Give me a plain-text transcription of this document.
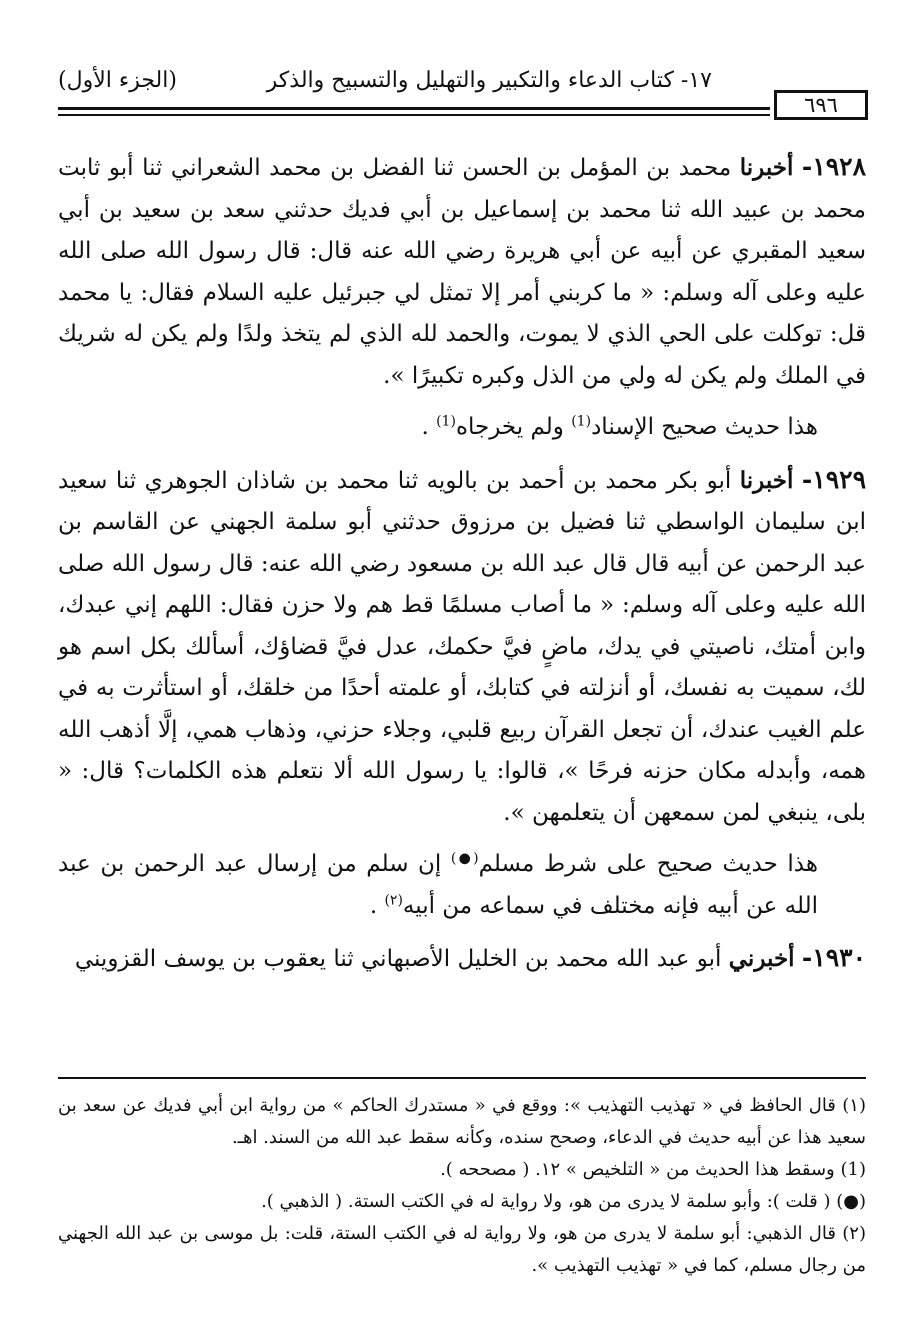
١٧- كتاب الدعاء والتكبير والتهليل والتسبيح والذكر
(الجزء الأول)
٦٩٦

١٩٢٨- أخبرنا محمد بن المؤمل بن الحسن ثنا الفضل بن محمد الشعراني ثنا أبو ثابت محمد بن عبيد الله ثنا محمد بن إسماعيل بن أبي فديك حدثني سعد بن سعيد بن أبي سعيد المقبري عن أبيه عن أبي هريرة رضي الله عنه قال: قال رسول الله صلى الله عليه وعلى آله وسلم: « ما كربني أمر إلا تمثل لي جبرئيل عليه السلام فقال: يا محمد قل: توكلت على الحي الذي لا يموت، والحمد لله الذي لم يتخذ ولدًا ولم يكن له شريك في الملك ولم يكن له ولي من الذل وكبره تكبيرًا ».

هذا حديث صحيح الإسناد$^{(1)}$ ولم يخرجاه$^{(1)}$ .

١٩٢٩- أخبرنا أبو بكر محمد بن أحمد بن بالويه ثنا محمد بن شاذان الجوهري ثنا سعيد ابن سليمان الواسطي ثنا فضيل بن مرزوق حدثني أبو سلمة الجهني عن القاسم بن عبد الرحمن عن أبيه قال قال عبد الله بن مسعود رضي الله عنه: قال رسول الله صلى الله عليه وعلى آله وسلم: « ما أصاب مسلمًا قط هم ولا حزن فقال: اللهم إني عبدك، وابن أمتك، ناصيتي في يدك، ماضٍ فيَّ حكمك، عدل فيَّ قضاؤك، أسألك بكل اسم هو لك، سميت به نفسك، أو أنزلته في كتابك، أو علمته أحدًا من خلقك، أو استأثرت به في علم الغيب عندك، أن تجعل القرآن ربيع قلبي، وجلاء حزني، وذهاب همي، إلَّا أذهب الله همه، وأبدله مكان حزنه فرحًا »، قالوا: يا رسول الله ألا نتعلم هذه الكلمات؟ قال: « بلى، ينبغي لمن سمعهن أن يتعلمهن ».

هذا حديث صحيح على شرط مسلم(●) إن سلم من إرسال عبد الرحمن بن عبد الله عن أبيه فإنه مختلف في سماعه من أبيه$^{(٢)}$ .

١٩٣٠- أخبرني أبو عبد الله محمد بن الخليل الأصبهاني ثنا يعقوب بن يوسف القزويني

(١) قال الحافظ في « تهذيب التهذيب »: ووقع في « مستدرك الحاكم » من رواية ابن أبي فديك عن سعد بن سعيد هذا عن أبيه حديث في الدعاء، وصحح سنده، وكأنه سقط عبد الله من السند. اهـ.

(1) وسقط هذا الحديث من « التلخيص » ١٢. ( مصححه ).

(●) ( قلت ): وأبو سلمة لا يدرى من هو، ولا رواية له في الكتب الستة. ( الذهبي ).

(٢) قال الذهبي: أبو سلمة لا يدرى من هو، ولا رواية له في الكتب الستة، قلت: بل موسى بن عبد الله الجهني من رجال مسلم، كما في « تهذيب التهذيب ».
